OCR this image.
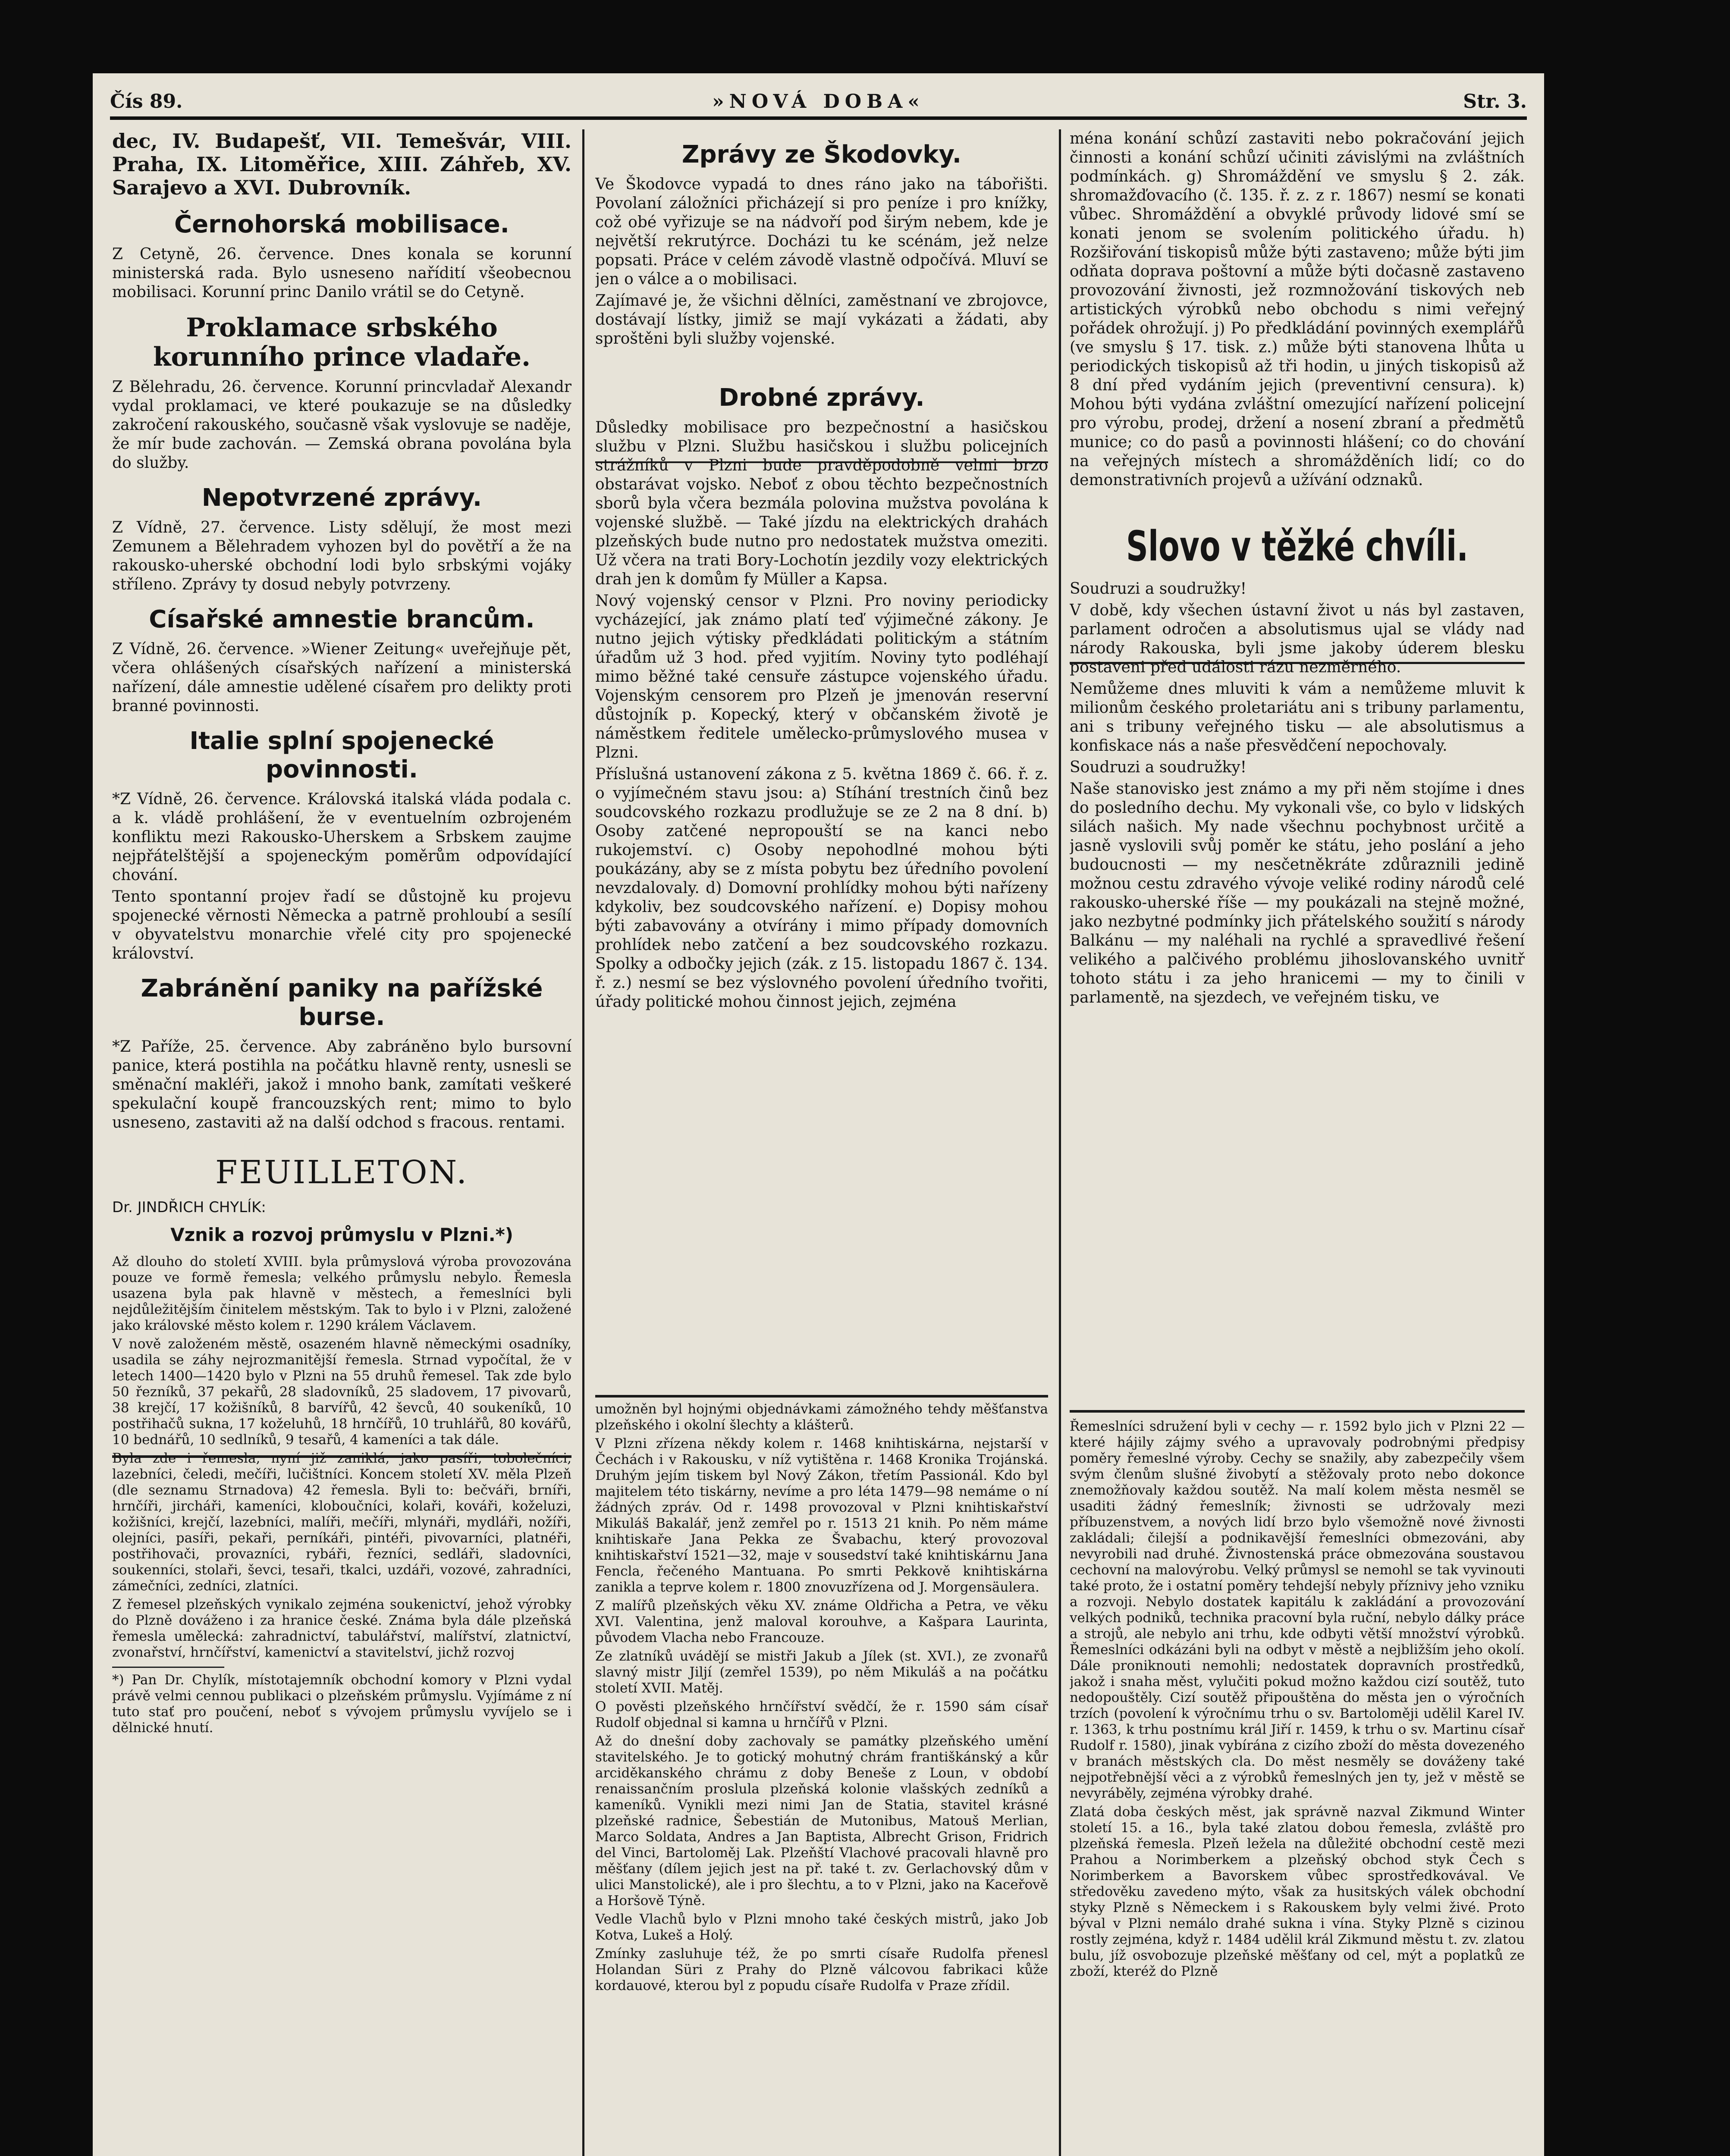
Čís 89.	»NOVÁ DOBA«	Str. 3.

dec, IV. Budapešť, VII. Temešvár, VIII. Praha, IX. Litoměřice, XIII. Záhřeb, XV. Sarajevo a XVI. Dubrovník.

Černohorská mobilisace.

Z Cetyně, 26. července. Dnes konala se korunní ministerská rada. Bylo usneseno nařídití všeobecnou mobilisaci. Korunní princ Danilo vrátil se do Cetyně.

Proklamace srbského korunního prince vladaře.

Z Bělehradu, 26. července. Korunní princvladař Alexandr vydal proklamaci, ve které poukazuje se na důsledky zakročení rakouského, současně však vyslovuje se naděje, že mír bude zachován. — Zemská obrana povolána byla do služby.

Nepotvrzené zprávy.

Z Vídně, 27. července. Listy sdělují, že most mezi Zemunem a Bělehradem vyhozen byl do povětří a že na rakousko-uherské obchodní lodi bylo srbskými vojáky stříleno. Zprávy ty dosud nebyly potvrzeny.

Císařské amnestie brancům.

Z Vídně, 26. července. »Wiener Zeitung« uveřejňuje pět, včera ohlášených císařských nařízení a ministerská nařízení, dále amnestie udělené císařem pro delikty proti branné povinnosti.

Italie splní spojenecké povinnosti.

*Z Vídně, 26. července. Královská italská vláda podala c. a k. vládě prohlášení, že v eventuelním ozbrojeném konfliktu mezi Rakousko-Uherskem a Srbskem zaujme nejpřátelštější a spojeneckým poměrům odpovídající chování.

Tento spontanní projev řadí se důstojně ku projevu spojenecké věrnosti Německa a patrně prohloubí a sesílí v obyvatelstvu monarchie vřelé city pro spojenecké království.

Zabránění paniky na pařížské burse.

*Z Paříže, 25. července. Aby zabráněno bylo bursovní panice, která postihla na počátku hlavně renty, usnesli se směnační makléři, jakož i mnoho bank, zamítati veškeré spekulační koupě francouzských rent; mimo to bylo usneseno, zastaviti až na další odchod s fracous. rentami.

FEUILLETON.
Dr. JINDŘICH CHYLÍK:
Vznik a rozvoj průmyslu v Plzni.*)

Až dlouho do století XVIII. byla průmyslová výroba provozována pouze ve formě řemesla; velkého průmyslu nebylo. Řemesla usazena byla pak hlavně v městech, a řemeslníci byli nejdůležitějším činitelem městským. Tak to bylo i v Plzni, založené jako královské město kolem r. 1290 králem Václavem.

V nově založeném městě, osazeném hlavně německými osadníky, usadila se záhy nejrozmanitější řemesla. Strnad vypočítal, že v letech 1400—1420 bylo v Plzni na 55 druhů řemesel. Tak zde bylo 50 řezníků, 37 pekařů, 28 sladovníků, 25 sladovem, 17 pivovarů, 38 krejčí, 17 kožišníků, 8 barvířů, 42 ševců, 40 soukeníků, 10 postřihačů sukna, 17 koželuhů, 18 hrnčířů, 10 truhlářů, 80 kovářů, 10 bednářů, 10 sedlníků, 9 tesařů, 4 kameníci a tak dále.

Byla zde i řemesla, nyní již zaniklá, jako pasíři, tobolečníci, lazebníci, čeledi, mečíři, lučištníci. Koncem století XV. měla Plzeň (dle seznamu Strnadova) 42 řemesla. Byli to: bečváři, brníři, hrnčíři, jircháři, kameníci, kloboučníci, kolaři, kováři, koželuzi, kožišníci, krejčí, lazebníci, malíři, mečíři, mlynáři, mydláři, nožíři, olejníci, pasíři, pekaři, perníkáři, pintéři, pivovarníci, platnéři, postřihovači, provazníci, rybáři, řezníci, sedláři, sladovníci, soukenníci, stolaři, ševci, tesaři, tkalci, uzdáři, vozové, zahradníci, zámečníci, zedníci, zlatníci.

Z řemesel plzeňských vynikalo zejména soukenictví, jehož výrobky do Plzně dováženo i za hranice české. Známa byla dále plzeňská řemesla umělecká: zahradnictví, tabulářství, malířství, zlatnictví, zvonařství, hrnčířství, kamenictví a stavitelství, jichž rozvoj

*) Pan Dr. Chylík, místotajemník obchodní komory v Plzni vydal právě velmi cennou publikaci o plzeňském průmyslu. Vyjímáme z ní tuto stať pro poučení, neboť s vývojem průmyslu vyvíjelo se i dělnické hnutí.

Zprávy ze Škodovky.

Ve Škodovce vypadá to dnes ráno jako na tábořišti. Povolaní záložníci přicházejí si pro peníze i pro knížky, což obé vyřizuje se na nádvoří pod širým nebem, kde je největší rekrutýrce. Docházi tu ke scénám, jež nelze popsati. Práce v celém závodě vlastně odpočívá. Mluví se jen o válce a o mobilisaci.

Zajímavé je, že všichni dělníci, zaměstnaní ve zbrojovce, dostávají lístky, jimiž se mají vykázati a žádati, aby sproštěni byli služby vojenské.

Drobné zprávy.

Důsledky mobilisace pro bezpečnostní a hasičskou službu v Plzni. Službu hasičskou i službu policejních strážníků v Plzni bude pravděpodobně velmi brzo obstarávat vojsko. Neboť z obou těchto bezpečnostních sborů byla včera bezmála polovina mužstva povolána k vojenské službě. — Také jízdu na elektrických drahách plzeňských bude nutno pro nedostatek mužstva omeziti. Už včera na trati Bory-Lochotín jezdily vozy elektrických drah jen k domům fy Müller a Kapsa.

Nový vojenský censor v Plzni. Pro noviny periodicky vycházející, jak známo platí teď výjimečné zákony. Je nutno jejich výtisky předkládati politickým a státním úřadům už 3 hod. před vyjitím. Noviny tyto podléhají mimo běžné také censuře zástupce vojenského úřadu. Vojenským censorem pro Plzeň je jmenován reservní důstojník p. Kopecký, který v občanském životě je náměstkem ředitele umělecko-průmyslového musea v Plzni.

Příslušná ustanovení zákona z 5. května 1869 č. 66. ř. z. o vyjímečném stavu jsou: a) Stíhání trestních činů bez soudcovského rozkazu prodlužuje se ze 2 na 8 dní. b) Osoby zatčené nepropouští se na kanci nebo rukojemství. c) Osoby nepohodlné mohou býti poukázány, aby se z místa pobytu bez úředního povolení nevzdalovaly. d) Domovní prohlídky mohou býti nařízeny kdykoliv, bez soudcovského nařízení. e) Dopisy mohou býti zabavovány a otvírány i mimo případy domovních prohlídek nebo zatčení a bez soudcovského rozkazu. Spolky a odbočky jejich (zák. z 15. listopadu 1867 č. 134. ř. z.) nesmí se bez výslovného povolení úředního tvořiti, úřady politické mohou činnost jejich, zejména

ména konání schůzí zastaviti nebo pokračování jejich činnosti a konání schůzí učiniti závislými na zvláštních podmínkách. g) Shromáždění ve smyslu § 2. zák. shromažďovacího (č. 135. ř. z. z r. 1867) nesmí se konati vůbec. Shromáždění a obvyklé průvody lidové smí se konati jenom se svolením politického úřadu. h) Rozšiřování tiskopisů může býti zastaveno; může býti jim odňata doprava poštovní a může býti dočasně zastaveno provozování živnosti, jež rozmnožování tiskových neb artistických výrobků nebo obchodu s nimi veřejný pořádek ohrožují. j) Po předkládání povinných exemplářů (ve smyslu § 17. tisk. z.) může býti stanovena lhůta u periodických tiskopisů až tři hodin, u jiných tiskopisů až 8 dní před vydáním jejich (preventivní censura). k) Mohou býti vydána zvláštní omezující nařízení policejní pro výrobu, prodej, držení a nosení zbraní a předmětů munice; co do pasů a povinnosti hlášení; co do chování na veřejných místech a shromážděních lidí; co do demonstrativních projevů a užívání odznaků.

Slovo v těžké chvíli.

Soudruzi a soudružky!

V době, kdy všechen ústavní život u nás byl zastaven, parlament odročen a absolutismus ujal se vlády nad národy Rakouska, byli jsme jakoby úderem blesku postaveni před události rázu nezměrného.

Nemůžeme dnes mluviti k vám a nemůžeme mluvit k milionům českého proletariátu ani s tribuny parlamentu, ani s tribuny veřejného tisku — ale absolutismus a konfiskace nás a naše přesvědčení nepochovaly.

Soudruzi a soudružky!

Naše stanovisko jest známo a my při něm stojíme i dnes do posledního dechu. My vykonali vše, co bylo v lidských silách našich. My nade všechnu pochybnost určitě a jasně vyslovili svůj poměr ke státu, jeho poslání a jeho budoucnosti — my nesčetněkráte zdůraznili jedině možnou cestu zdravého vývoje veliké rodiny národů celé rakousko-uherské říše — my poukázali na stejně možné, jako nezbytné podmínky jich přátelského soužití s národy Balkánu — my naléhali na rychlé a spravedlivé řešení velikého a palčivého problému jihoslovanského uvnitř tohoto státu i za jeho hranicemi — my to činili v parlamentě, na sjezdech, ve veřejném tisku, ve

umožněn byl hojnými objednávkami zámožného tehdy měšťanstva plzeňského i okolní šlechty a klášterů.

V Plzni zřízena někdy kolem r. 1468 knihtiskárna, nejstarší v Čechách i v Rakousku, v níž vytištěna r. 1468 Kronika Trojánská. Druhým jejím tiskem byl Nový Zákon, třetím Passionál. Kdo byl majitelem této tiskárny, nevíme a pro léta 1479—98 nemáme o ní žádných zpráv. Od r. 1498 provozoval v Plzni knihtiskařství Mikuláš Bakalář, jenž zemřel po r. 1513 21 knih. Po něm máme knihtiskaře Jana Pekka ze Švabachu, který provozoval knihtiskařství 1521—32, maje v sousedství také knihtiskárnu Jana Fencla, řečeného Mantuana. Po smrti Pekkově knihtiskárna zanikla a teprve kolem r. 1800 znovuzřízena od J. Morgensäulera.

Z malířů plzeňských věku XV. známe Oldřicha a Petra, ve věku XVI. Valentina, jenž maloval korouhve, a Kašpara Laurinta, původem Vlacha nebo Francouze.

Ze zlatníků uvádějí se mistři Jakub a Jílek (st. XVI.), ze zvonařů slavný mistr Jiljí (zemřel 1539), po něm Mikuláš a na počátku století XVII. Matěj.

O pověsti plzeňského hrnčířství svědčí, že r. 1590 sám císař Rudolf objednal si kamna u hrnčířů v Plzni.

Až do dnešní doby zachovaly se památky plzeňského umění stavitelského. Je to gotický mohutný chrám františkánský a kůr arciděkanského chrámu z doby Beneše z Loun, v období renaissančním proslula plzeňská kolonie vlašských zedníků a kameníků. Vynikli mezi nimi Jan de Statia, stavitel krásné plzeňské radnice, Šebestián de Mutonibus, Matouš Merlian, Marco Soldata, Andres a Jan Baptista, Albrecht Grison, Fridrich del Vinci, Bartoloměj Lak. Plzeňští Vlachové pracovali hlavně pro měšťany (dílem jejich jest na př. také t. zv. Gerlachovský dům v ulici Manstolické), ale i pro šlechtu, a to v Plzni, jako na Kaceřově a Horšově Týně.

Vedle Vlachů bylo v Plzni mnoho také českých mistrů, jako Job Kotva, Lukeš a Holý.

Zmínky zasluhuje též, že po smrti císaře Rudolfa přenesl Holandan Süri z Prahy do Plzně válcovou fabrikaci kůže kordauové, kterou byl z popudu císaře Rudolfa v Praze zřídil.

Řemeslníci sdružení byli v cechy — r. 1592 bylo jich v Plzni 22 — které hájily zájmy svého a upravovaly podrobnými předpisy poměry řemeslné výroby. Cechy se snažily, aby zabezpečily všem svým členům slušné živobytí a stěžovaly proto nebo dokonce znemožňovaly každou soutěž. Na malí kolem města nesměl se usaditi žádný řemeslník; živnosti se udržovaly mezi příbuzenstvem, a nových lidí brzo bylo všemožně nové živnosti zakládali; čilejší a podnikavější řemeslníci obmezováni, aby nevyrobili nad druhé. Živnostenská práce obmezována soustavou cechovní na malovýrobu. Velký průmysl se nemohl se tak vyvinouti také proto, že i ostatní poměry tehdejší nebyly příznivy jeho vzniku a rozvoji. Nebylo dostatek kapitálu k zakládání a provozování velkých podniků, technika pracovní byla ruční, nebylo dálky práce a strojů, ale nebylo ani trhu, kde odbyti větší množství výrobků. Řemeslníci odkázáni byli na odbyt v městě a nejbližším jeho okolí. Dále proniknouti nemohli; nedostatek dopravních prostředků, jakož i snaha měst, vylučiti pokud možno každou cizí soutěž, tuto nedopouštěly. Cizí soutěž připouštěna do města jen o výročních trzích (povolení k výročnímu trhu o sv. Bartoloměji udělil Karel IV. r. 1363, k trhu postnímu král Jiří r. 1459, k trhu o sv. Martinu císař Rudolf r. 1580), jinak vybírána z cizího zboží do města dovezeného v branách městských cla. Do měst nesměly se dováženy také nejpotřebnější věci a z výrobků řemeslných jen ty, jež v městě se nevyráběly, zejména výrobky drahé.

Zlatá doba českých měst, jak správně nazval Zikmund Winter století 15. a 16., byla také zlatou dobou řemesla, zvláště pro plzeňská řemesla. Plzeň ležela na důležité obchodní cestě mezi Prahou a Norimberkem a plzeňský obchod styk Čech s Norimberkem a Bavorskem vůbec sprostředkovával. Ve středověku zavedeno mýto, však za husitských válek obchodní styky Plzně s Německem i s Rakouskem byly velmi živé. Proto býval v Plzni nemálo drahé sukna i vína. Styky Plzně s cizinou rostly zejména, když r. 1484 udělil král Zikmund městu t. zv. zlatou bulu, jíž osvobozuje plzeňské měšťany od cel, mýt a poplatků ze zboží, kteréž do Plzně
